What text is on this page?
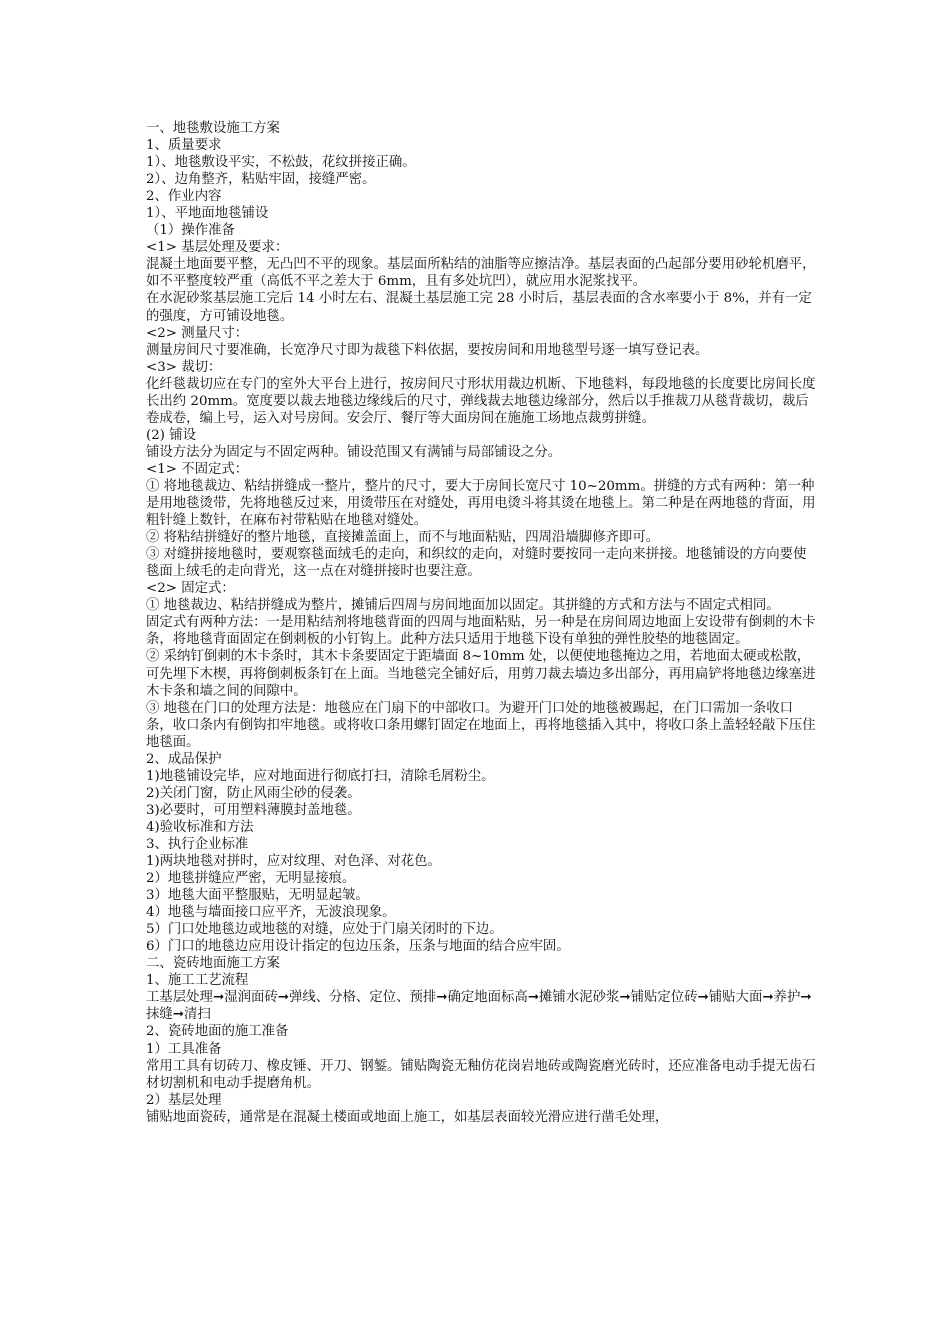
一、地毯敷设施工方案

1、质量要求

1）、地毯敷设平实，不松鼓，花纹拼接正确。

2）、边角整齐，粘贴牢固，接缝严密。

2、作业内容

1）、平地面地毯铺设

（1）操作准备

<1> 基层处理及要求：

混凝土地面要平整，无凸凹不平的现象。基层面所粘结的油脂等应擦洁净。基层表面的凸起部分要用砂轮机磨平，如不平整度较严重（高低不平之差大于 6mm，且有多处坑凹），就应用水泥浆找平。

在水泥砂浆基层施工完后 14 小时左右、混凝土基层施工完 28 小时后，基层表面的含水率要小于 8%，并有一定的强度，方可铺设地毯。

<2> 测量尺寸：

测量房间尺寸要准确，长宽净尺寸即为裁毯下料依据，要按房间和用地毯型号逐一填写登记表。

<3> 裁切：

化纤毯裁切应在专门的室外大平台上进行，按房间尺寸形状用裁边机断、下地毯料，每段地毯的长度要比房间长度长出约 20mm。宽度要以裁去地毯边缘线后的尺寸，弹线裁去地毯边缘部分，然后以手推裁刀从毯背裁切，裁后卷成卷，编上号，运入对号房间。安会厅、餐厅等大面房间在施施工场地点裁剪拼缝。

(2) 铺设

铺设方法分为固定与不固定两种。铺设范围又有满铺与局部铺设之分。

<1> 不固定式：

① 将地毯裁边、粘结拼缝成一整片，整片的尺寸，要大于房间长宽尺寸 10~20mm。拼缝的方式有两种：第一种是用地毯烫带，先将地毯反过来，用烫带压在对缝处，再用电烫斗将其烫在地毯上。第二种是在两地毯的背面，用粗针缝上数针，在麻布衬带粘贴在地毯对缝处。

② 将粘结拼缝好的整片地毯，直接摊盖面上，而不与地面粘贴，四周沿墙脚修齐即可。

③ 对缝拼接地毯时，要观察毯面绒毛的走向，和织纹的走向，对缝时要按同一走向来拼接。地毯铺设的方向要使毯面上绒毛的走向背光，这一点在对缝拼接时也要注意。

<2> 固定式：

① 地毯裁边、粘结拼缝成为整片，摊铺后四周与房间地面加以固定。其拼缝的方式和方法与不固定式相同。

固定式有两种方法：一是用粘结剂将地毯背面的四周与地面粘贴，另一种是在房间周边地面上安设带有倒刺的木卡条，将地毯背面固定在倒刺板的小钉钩上。此种方法只适用于地毯下设有单独的弹性胶垫的地毯固定。

② 采纳钉倒刺的木卡条时，其木卡条要固定于距墙面 8~10mm 处，以便使地毯掩边之用，若地面太硬或松散，可先埋下木楔，再将倒刺板条钉在上面。当地毯完全铺好后，用剪刀裁去墙边多出部分，再用扁铲将地毯边缘塞进木卡条和墙之间的间隙中。

③ 地毯在门口的处理方法是：地毯应在门扇下的中部收口。为避开门口处的地毯被踢起，在门口需加一条收口条，收口条内有倒钩扣牢地毯。或将收口条用螺钉固定在地面上，再将地毯插入其中，将收口条上盖轻轻敲下压住地毯面。

2、成品保护

1)地毯铺设完毕，应对地面进行彻底打扫，清除毛屑粉尘。

2)关闭门窗，防止风雨尘砂的侵袭。

3)必要时，可用塑料薄膜封盖地毯。

4)验收标准和方法

3、执行企业标准

1)两块地毯对拼时，应对纹理、对色泽、对花色。

2）地毯拼缝应严密，无明显接痕。

3）地毯大面平整服贴，无明显起皱。

4）地毯与墙面接口应平齐，无波浪现象。

5）门口处地毯边或地毯的对缝，应处于门扇关闭时的下边。

6）门口的地毯边应用设计指定的包边压条，压条与地面的结合应牢固。

二、瓷砖地面施工方案

1、施工工艺流程

工基层处理➞湿润面砖➞弹线、分格、定位、预排➞确定地面标高➞摊铺水泥砂浆➞铺贴定位砖➞铺贴大面➞养护➞抹缝➞清扫

2、瓷砖地面的施工准备

1）工具准备

常用工具有切砖刀、橡皮锤、开刀、钢錾。铺贴陶瓷无釉仿花岗岩地砖或陶瓷磨光砖时，还应准备电动手提无齿石材切割机和电动手提磨角机。

2）基层处理

铺贴地面瓷砖，通常是在混凝土楼面或地面上施工，如基层表面较光滑应进行凿毛处理，
